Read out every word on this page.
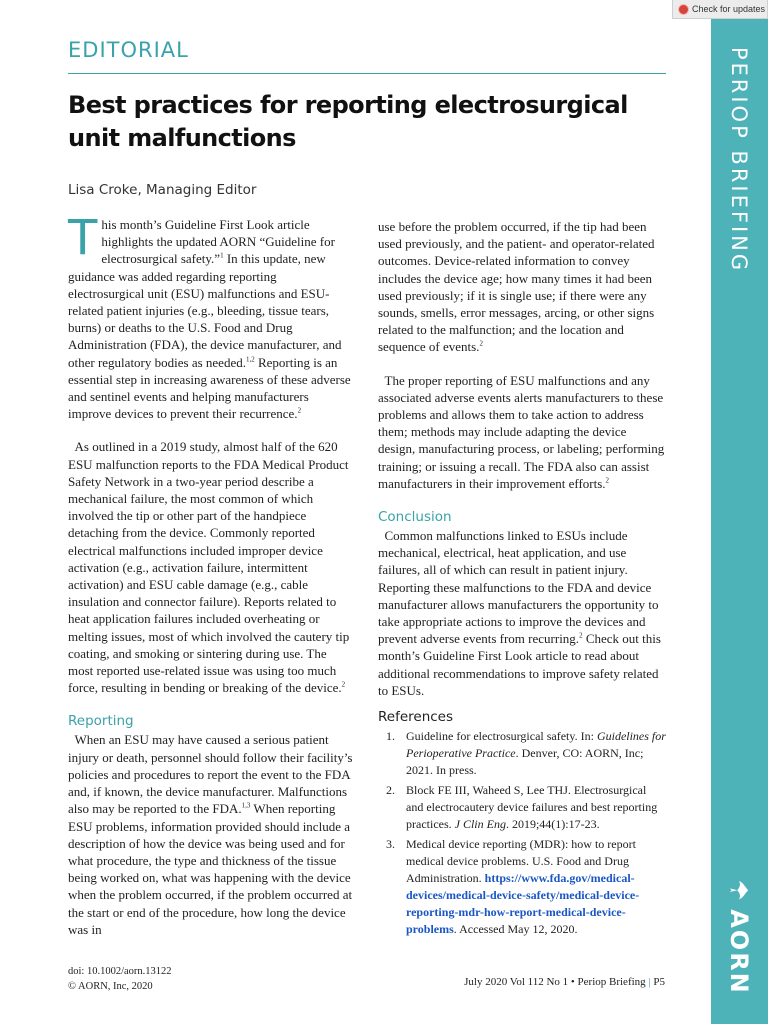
PERIOP BRIEFING
AORN
Check for updates
EDITORIAL
Best practices for reporting electrosurgical unit malfunctions
Lisa Croke, Managing Editor

This month’s Guideline First Look article highlights the updated AORN “Guideline for electrosurgical safety.”$^1$ In this update, new guidance was added regarding reporting electrosurgical unit (ESU) malfunctions and ESU-related patient injuries (e.g., bleeding, tissue tears, burns) or deaths to the U.S. Food and Drug Administration (FDA), the device manufacturer, and other regulatory bodies as needed.$^{1,2}$ Reporting is an essential step in increasing awareness of these adverse and sentinel events and helping manufacturers improve devices to prevent their recurrence.$^2$

As outlined in a 2019 study, almost half of the 620 ESU malfunction reports to the FDA Medical Product Safety Network in a two-year period describe a mechanical failure, the most common of which involved the tip or other part of the handpiece detaching from the device. Commonly reported electrical malfunctions included improper device activation (e.g., activation failure, intermittent activation) and ESU cable damage (e.g., cable insulation and connector failure). Reports related to heat application failures included overheating or melting issues, most of which involved the cautery tip coating, and smoking or sintering during use. The most reported use-related issue was using too much force, resulting in bending or breaking of the device.$^2$

Reporting

When an ESU may have caused a serious patient injury or death, personnel should follow their facility’s policies and procedures to report the event to the FDA and, if known, the device manufacturer. Malfunctions also may be reported to the FDA.$^{1,3}$ When reporting ESU problems, information provided should include a description of how the device was being used and for what procedure, the type and thickness of the tissue being worked on, what was happening with the device when the problem occurred, if the problem occurred at the start or end of the procedure, how long the device was in

use before the problem occurred, if the tip had been used previously, and the patient- and operator-related outcomes. Device-related information to convey includes the device age; how many times it had been used previously; if it is single use; if there were any sounds, smells, error messages, arcing, or other signs related to the malfunction; and the location and sequence of events.$^2$

The proper reporting of ESU malfunctions and any associated adverse events alerts manufacturers to these problems and allows them to take action to address them; methods may include adapting the device design, manufacturing process, or labeling; performing training; or issuing a recall. The FDA also can assist manufacturers in their improvement efforts.$^2$

Conclusion

Common malfunctions linked to ESUs include mechanical, electrical, heat application, and use failures, all of which can result in patient injury. Reporting these malfunctions to the FDA and device manufacturer allows manufacturers the opportunity to take appropriate actions to improve the devices and prevent adverse events from recurring.$^2$ Check out this month’s Guideline First Look article to read about additional recommendations to improve safety related to ESUs.

References
1. Guideline for electrosurgical safety. In: Guidelines for Perioperative Practice. Denver, CO: AORN, Inc; 2021. In press.
2. Block FE III, Waheed S, Lee THJ. Electrosurgical and electrocautery device failures and best reporting practices. J Clin Eng. 2019;44(1):17-23.
3. Medical device reporting (MDR): how to report medical device problems. U.S. Food and Drug Administration. https://www.fda.gov/medical-devices/medical-device-safety/medical-device-reporting-mdr-how-report-medical-device-problems. Accessed May 12, 2020.
doi: 10.1002/aorn.13122
© AORN, Inc, 2020	July 2020 Vol 112 No 1 • Periop Briefing | P5
